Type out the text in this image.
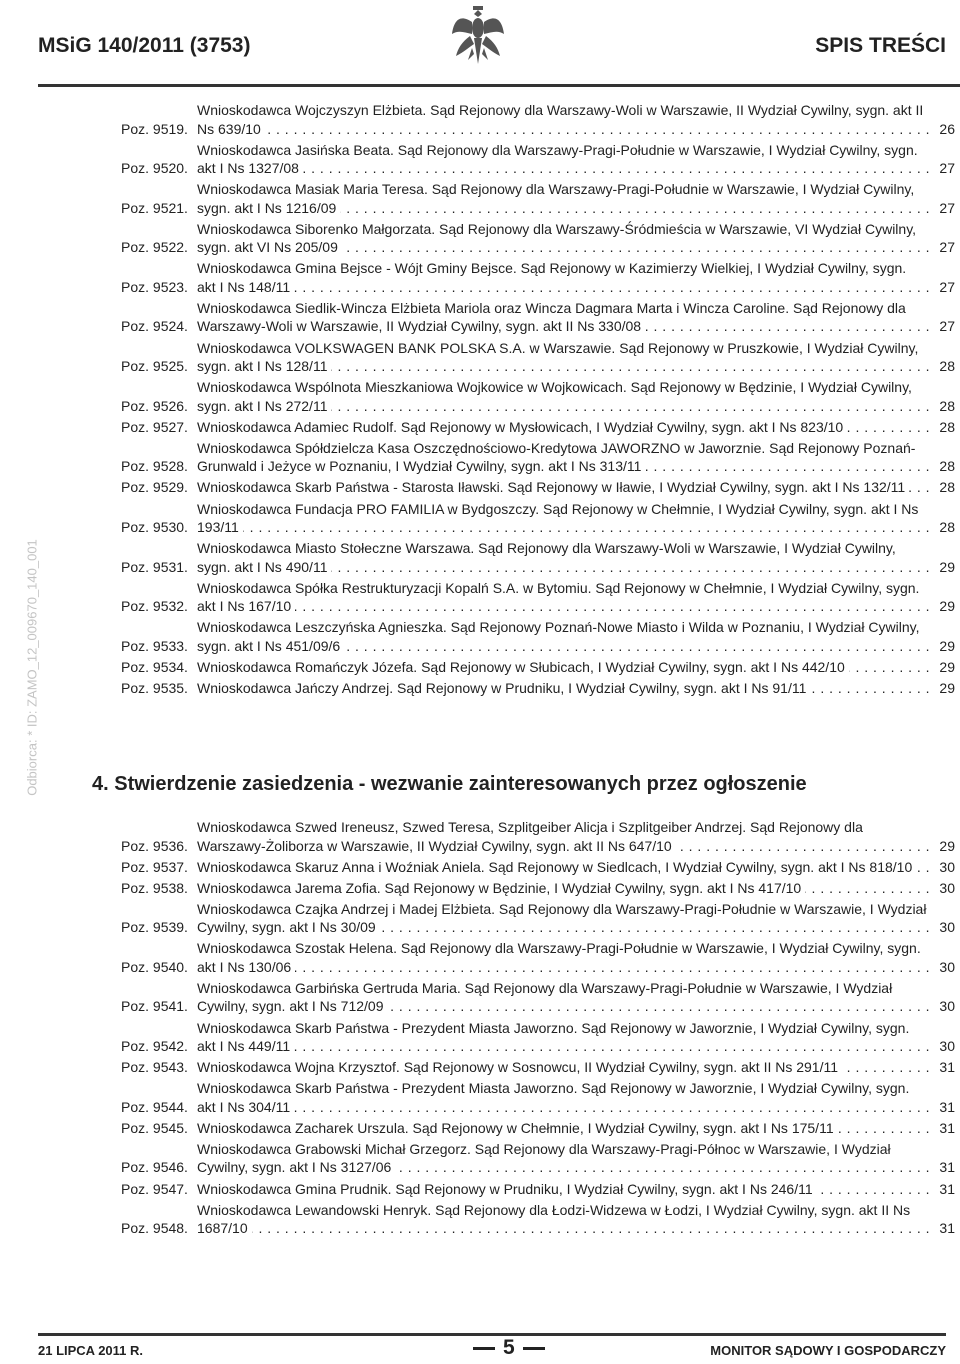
MSiG 140/2011 (3753)	SPIS TREŚCI
Odbiorca: * ID: ZAMO_12_009670_140_001
Poz. 9519.
Wnioskodawca Wojczyszyn Elżbieta. Sąd Rejonowy dla Warszawy-Woli w Warszawie, II Wydział Cywilny, sygn. akt II Ns 639/10 . . .	26
Poz. 9520.
Wnioskodawca Jasińska Beata. Sąd Rejonowy dla Warszawy-Pragi-Południe w Warszawie, I Wydział Cywilny, sygn. akt I Ns 1327/08 . . .	27
Poz. 9521.
Wnioskodawca Masiak Maria Teresa. Sąd Rejonowy dla Warszawy-Pragi-Południe w Warszawie, I Wydział Cywilny, sygn. akt I Ns 1216/09 . . .	27
Poz. 9522.
Wnioskodawca Siborenko Małgorzata. Sąd Rejonowy dla Warszawy-Śródmieścia w Warszawie, VI Wydział Cywilny, sygn. akt VI Ns 205/09 . . .	27
Poz. 9523.
Wnioskodawca Gmina Bejsce - Wójt Gminy Bejsce. Sąd Rejonowy w Kazimierzy Wielkiej, I Wydział Cywilny, sygn. akt I Ns 148/11 . . .	27
Poz. 9524.
Wnioskodawca Siedlik-Wincza Elżbieta Mariola oraz Wincza Dagmara Marta i Wincza Caroline. Sąd Rejonowy dla Warszawy-Woli w Warszawie, II Wydział Cywilny, sygn. akt II Ns 330/08 . . .	27
Poz. 9525.
Wnioskodawca VOLKSWAGEN BANK POLSKA S.A. w Warszawie. Sąd Rejonowy w Pruszkowie, I Wydział Cywilny, sygn. akt I Ns 128/11 . . .	28
Poz. 9526.
Wnioskodawca Wspólnota Mieszkaniowa Wojkowice w Wojkowicach. Sąd Rejonowy w Będzinie, I Wydział Cywilny, sygn. akt I Ns 272/11 . . .	28
Poz. 9527. Wnioskodawca Adamiec Rudolf. Sąd Rejonowy w Mysłowicach, I Wydział Cywilny, sygn. akt I Ns 823/10 . . .	28
Poz. 9528.
Wnioskodawca Spółdzielcza Kasa Oszczędnościowo-Kredytowa JAWORZNO w Jaworznie. Sąd Rejonowy Poznań-Grunwald i Jeżyce w Poznaniu, I Wydział Cywilny, sygn. akt I Ns 313/11 . . .	28
Poz. 9529. Wnioskodawca Skarb Państwa - Starosta Iławski. Sąd Rejonowy w Iławie, I Wydział Cywilny, sygn. akt I Ns 132/11 . . .	28
Poz. 9530.
Wnioskodawca Fundacja PRO FAMILIA w Bydgoszczy. Sąd Rejonowy w Chełmnie, I Wydział Cywilny, sygn. akt I Ns 193/11 . . .	28
Poz. 9531.
Wnioskodawca Miasto Stołeczne Warszawa. Sąd Rejonowy dla Warszawy-Woli w Warszawie, I Wydział Cywilny, sygn. akt I Ns 490/11 . . .	29
Poz. 9532.
Wnioskodawca Spółka Restrukturyzacji Kopalń S.A. w Bytomiu. Sąd Rejonowy w Chełmnie, I Wydział Cywilny, sygn. akt I Ns 167/10 . . .	29
Poz. 9533.
Wnioskodawca Leszczyńska Agnieszka. Sąd Rejonowy Poznań-Nowe Miasto i Wilda w Poznaniu, I Wydział Cywilny, sygn. akt I Ns 451/09/6 . . .	29
Poz. 9534. Wnioskodawca Romańczyk Józefa. Sąd Rejonowy w Słubicach, I Wydział Cywilny, sygn. akt I Ns 442/10 . . .	29
Poz. 9535. Wnioskodawca Jańczy Andrzej. Sąd Rejonowy w Prudniku, I Wydział Cywilny, sygn. akt I Ns 91/11 . . .	29
4. Stwierdzenie zasiedzenia - wezwanie zainteresowanych przez ogłoszenie
Poz. 9536.
Wnioskodawca Szwed Ireneusz, Szwed Teresa, Szplitgeiber Alicja i Szplitgeiber Andrzej. Sąd Rejonowy dla Warszawy-Żoliborza w Warszawie, II Wydział Cywilny, sygn. akt II Ns 647/10 . . .	29
Poz. 9537. Wnioskodawca Skaruz Anna i Woźniak Aniela. Sąd Rejonowy w Siedlcach, I Wydział Cywilny, sygn. akt I Ns 818/10 . . .	30
Poz. 9538. Wnioskodawca Jarema Zofia. Sąd Rejonowy w Będzinie, I Wydział Cywilny, sygn. akt I Ns 417/10 . . .	30
Poz. 9539.
Wnioskodawca Czajka Andrzej i Madej Elżbieta. Sąd Rejonowy dla Warszawy-Pragi-Południe w Warszawie, I Wydział Cywilny, sygn. akt I Ns 30/09 . . .	30
Poz. 9540.
Wnioskodawca Szostak Helena. Sąd Rejonowy dla Warszawy-Pragi-Południe w Warszawie, I Wydział Cywilny, sygn. akt I Ns 130/06 . . .	30
Poz. 9541.
Wnioskodawca Garbińska Gertruda Maria. Sąd Rejonowy dla Warszawy-Pragi-Południe w Warszawie, I Wydział Cywilny, sygn. akt I Ns 712/09 . . .	30
Poz. 9542.
Wnioskodawca Skarb Państwa - Prezydent Miasta Jaworzno. Sąd Rejonowy w Jaworznie, I Wydział Cywilny, sygn. akt I Ns 449/11 . . .	30
Poz. 9543. Wnioskodawca Wojna Krzysztof. Sąd Rejonowy w Sosnowcu, II Wydział Cywilny, sygn. akt II Ns 291/11 . . .	31
Poz. 9544.
Wnioskodawca Skarb Państwa - Prezydent Miasta Jaworzno. Sąd Rejonowy w Jaworznie, I Wydział Cywilny, sygn. akt I Ns 304/11 . . .	31
Poz. 9545. Wnioskodawca Zacharek Urszula. Sąd Rejonowy w Chełmnie, I Wydział Cywilny, sygn. akt I Ns 175/11 . . .	31
Poz. 9546.
Wnioskodawca Grabowski Michał Grzegorz. Sąd Rejonowy dla Warszawy-Pragi-Północ w Warszawie, I Wydział Cywilny, sygn. akt I Ns 3127/06 . . .	31
Poz. 9547. Wnioskodawca Gmina Prudnik. Sąd Rejonowy w Prudniku, I Wydział Cywilny, sygn. akt I Ns 246/11 . . .	31
Poz. 9548.
Wnioskodawca Lewandowski Henryk. Sąd Rejonowy dla Łodzi-Widzewa w Łodzi, I Wydział Cywilny, sygn. akt II Ns 1687/10 . . .	31
21 LIPCA 2011 R.	5	MONITOR SĄDOWY I GOSPODARCZY
